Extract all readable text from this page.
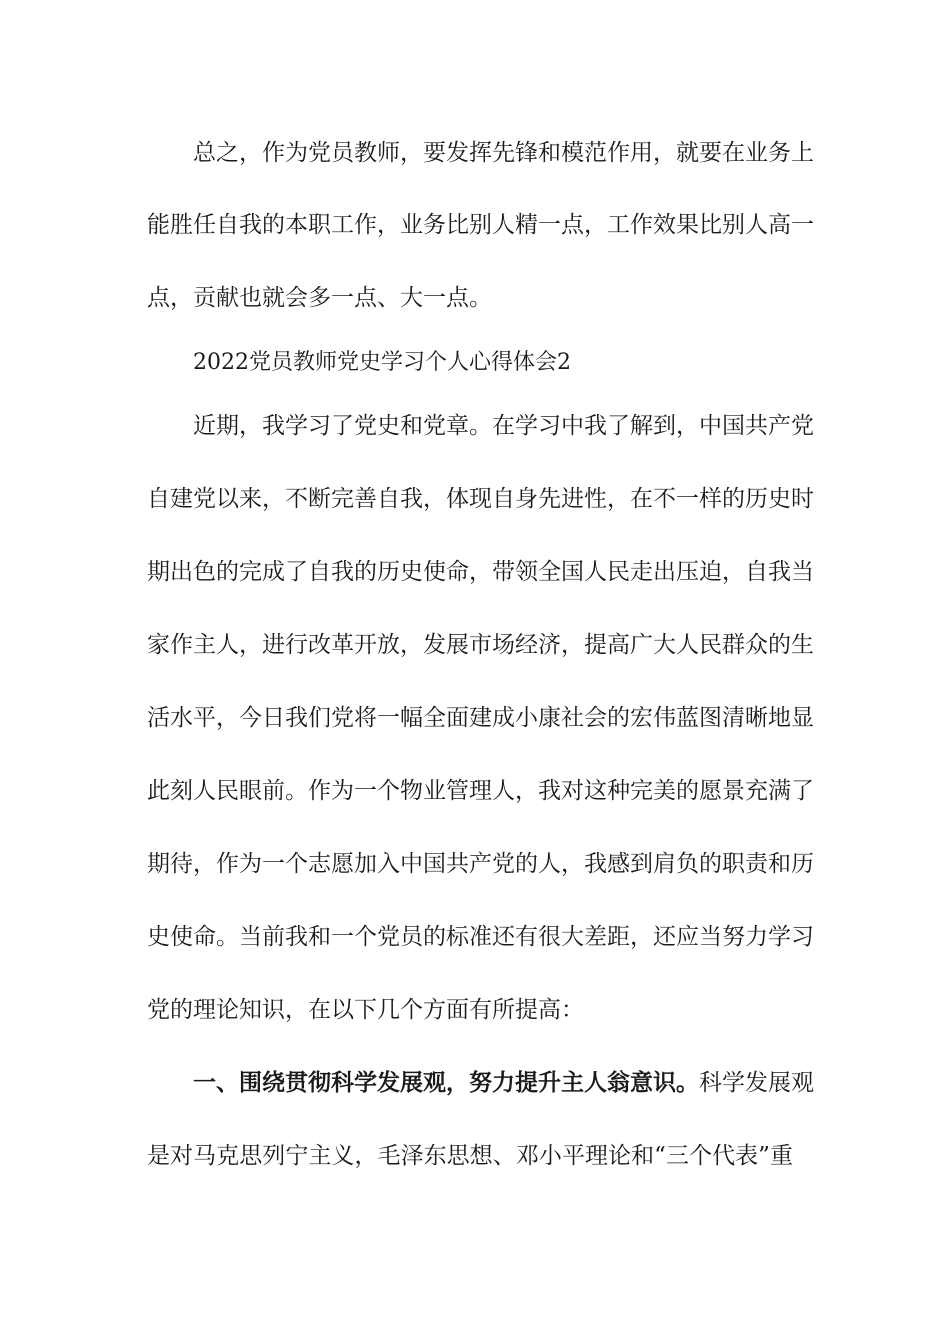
总之，作为党员教师，要发挥先锋和模范作用，就要在业务上
能胜任自我的本职工作，业务比别人精一点，工作效果比别人高一
点，贡献也就会多一点、大一点。
2022党员教师党史学习个人心得体会2
近期，我学习了党史和党章。在学习中我了解到，中国共产党
自建党以来，不断完善自我，体现自身先进性，在不一样的历史时
期出色的完成了自我的历史使命，带领全国人民走出压迫，自我当
家作主人，进行改革开放，发展市场经济，提高广大人民群众的生
活水平，今日我们党将一幅全面建成小康社会的宏伟蓝图清晰地显
此刻人民眼前。作为一个物业管理人，我对这种完美的愿景充满了
期待，作为一个志愿加入中国共产党的人，我感到肩负的职责和历
史使命。当前我和一个党员的标准还有很大差距，还应当努力学习
党的理论知识，在以下几个方面有所提高：
一、围绕贯彻科学发展观，努力提升主人翁意识。科学发展观
是对马克思列宁主义，毛泽东思想、邓小平理论和“三个代表”重
